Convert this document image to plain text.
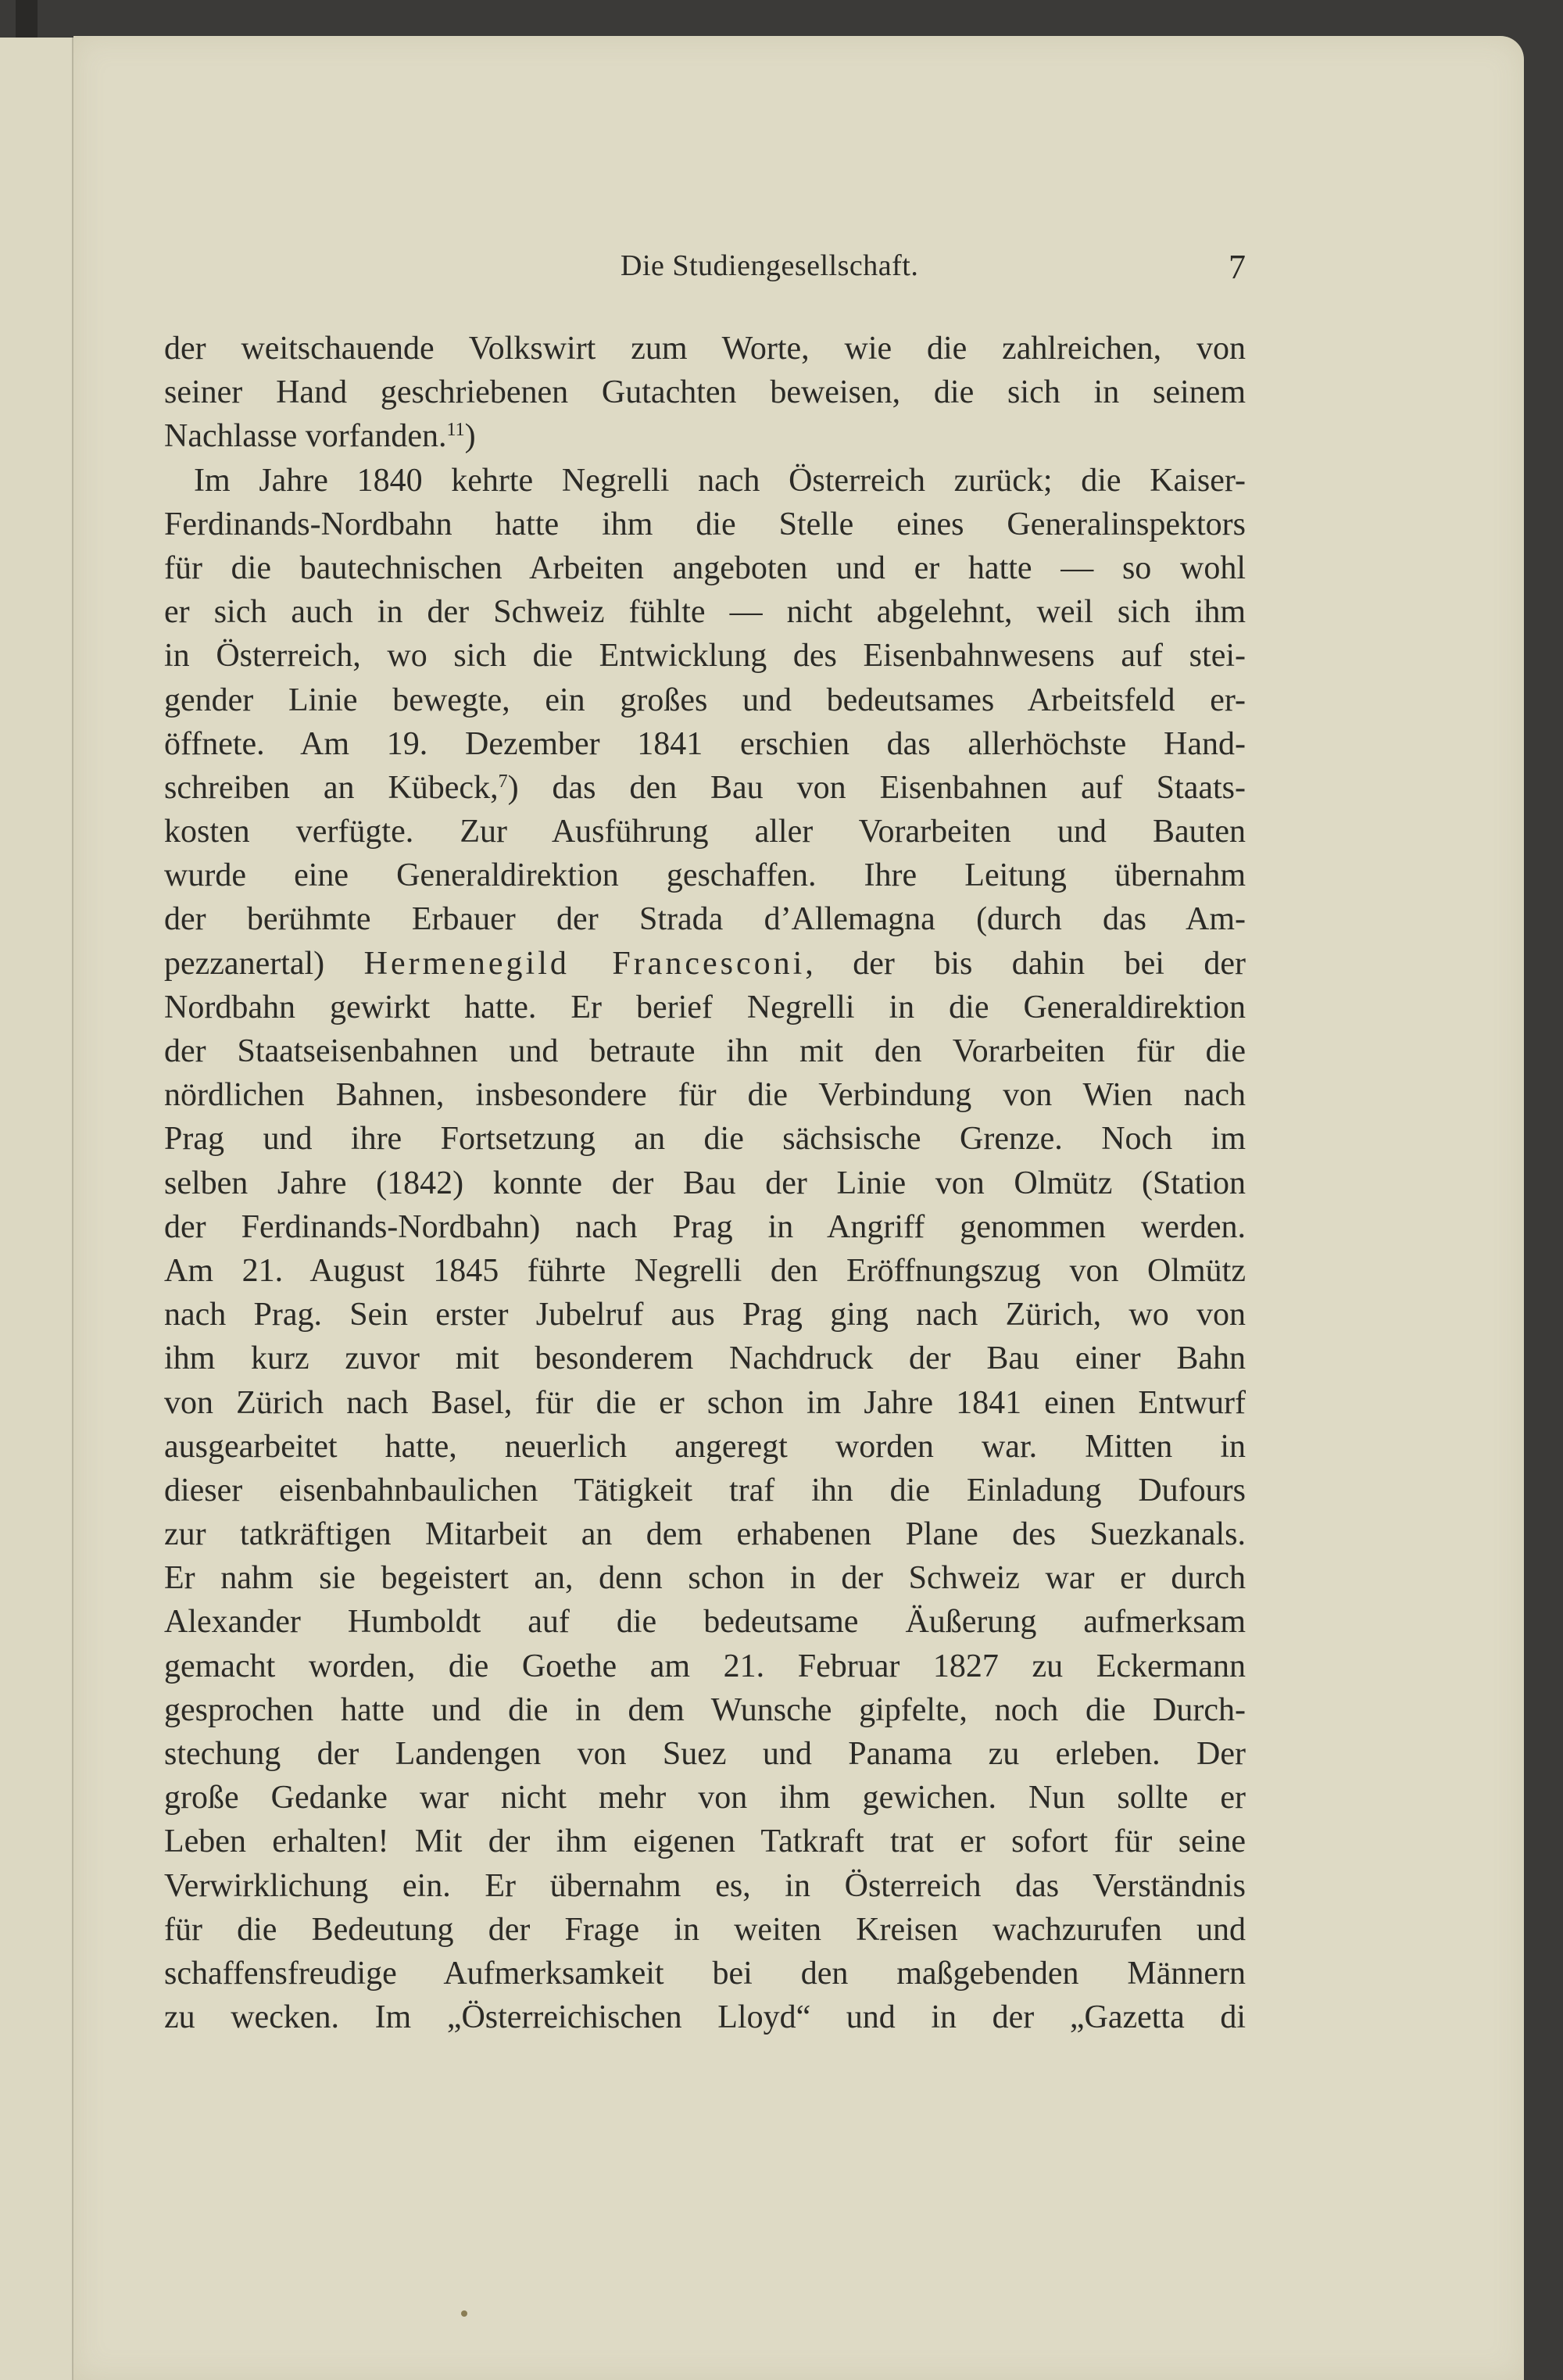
Die Studiengesellschaft.	7
der weitschauende Volkswirt zum Worte, wie die zahlreichen, von
seiner Hand geschriebenen Gutachten beweisen, die sich in seinem
Nachlasse vorfanden.$^{11}$)
Im Jahre 1840 kehrte Negrelli nach Österreich zurück; die Kaiser-
Ferdinands-Nordbahn hatte ihm die Stelle eines Generalinspektors
für die bautechnischen Arbeiten angeboten und er hatte — so wohl
er sich auch in der Schweiz fühlte — nicht abgelehnt, weil sich ihm
in Österreich, wo sich die Entwicklung des Eisenbahnwesens auf stei-
gender Linie bewegte, ein großes und bedeutsames Arbeitsfeld er-
öffnete. Am 19. Dezember 1841 erschien das allerhöchste Hand-
schreiben an Kübeck,$^7$) das den Bau von Eisenbahnen auf Staats-
kosten verfügte. Zur Ausführung aller Vorarbeiten und Bauten
wurde eine Generaldirektion geschaffen. Ihre Leitung übernahm
der berühmte Erbauer der Strada d’Allemagna (durch das Am-
pezzanertal) Hermenegild Francesconi, der bis dahin bei der
Nordbahn gewirkt hatte. Er berief Negrelli in die Generaldirektion
der Staatseisenbahnen und betraute ihn mit den Vorarbeiten für die
nördlichen Bahnen, insbesondere für die Verbindung von Wien nach
Prag und ihre Fortsetzung an die sächsische Grenze. Noch im
selben Jahre (1842) konnte der Bau der Linie von Olmütz (Station
der Ferdinands-Nordbahn) nach Prag in Angriff genommen werden.
Am 21. August 1845 führte Negrelli den Eröffnungszug von Olmütz
nach Prag. Sein erster Jubelruf aus Prag ging nach Zürich, wo von
ihm kurz zuvor mit besonderem Nachdruck der Bau einer Bahn
von Zürich nach Basel, für die er schon im Jahre 1841 einen Entwurf
ausgearbeitet hatte, neuerlich angeregt worden war. Mitten in
dieser eisenbahnbaulichen Tätigkeit traf ihn die Einladung Dufours
zur tatkräftigen Mitarbeit an dem erhabenen Plane des Suezkanals.
Er nahm sie begeistert an, denn schon in der Schweiz war er durch
Alexander Humboldt auf die bedeutsame Äußerung aufmerksam
gemacht worden, die Goethe am 21. Februar 1827 zu Eckermann
gesprochen hatte und die in dem Wunsche gipfelte, noch die Durch-
stechung der Landengen von Suez und Panama zu erleben. Der
große Gedanke war nicht mehr von ihm gewichen. Nun sollte er
Leben erhalten! Mit der ihm eigenen Tatkraft trat er sofort für seine
Verwirklichung ein. Er übernahm es, in Österreich das Verständnis
für die Bedeutung der Frage in weiten Kreisen wachzurufen und
schaffensfreudige Aufmerksamkeit bei den maßgebenden Männern
zu wecken. Im „Österreichischen Lloyd“ und in der „Gazetta di
